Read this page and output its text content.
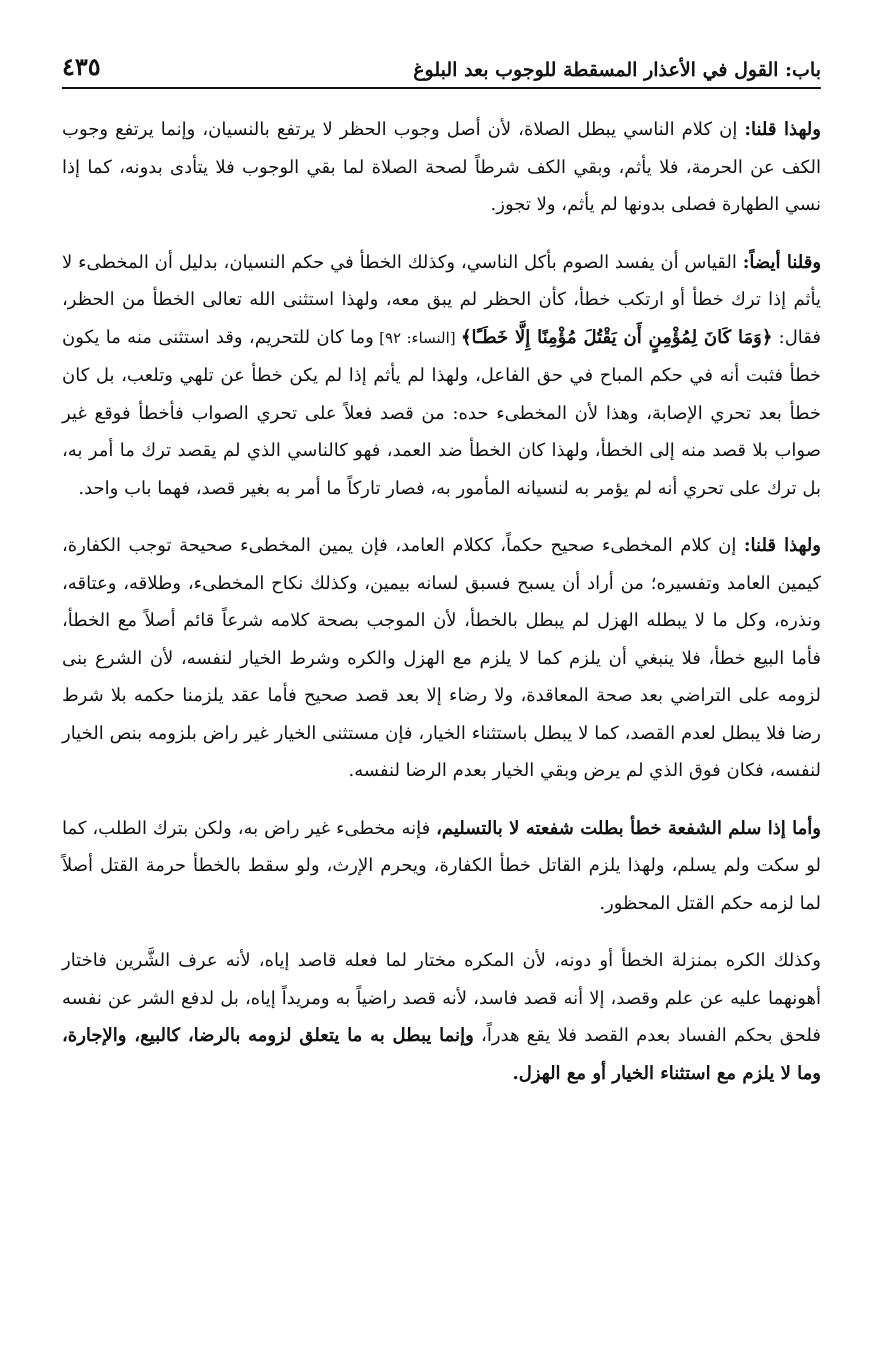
باب: القول في الأعذار المسقطة للوجوب بعد البلوغ
٤٣٥

ولهذا قلنا: إن كلام الناسي يبطل الصلاة، لأن أصل وجوب الحظر لا يرتفع بالنسيان، وإنما يرتفع وجوب الكف عن الحرمة، فلا يأثم، وبقي الكف شرطاً لصحة الصلاة لما بقي الوجوب فلا يتأدى بدونه، كما إذا نسي الطهارة فصلى بدونها لم يأثم، ولا تجوز.

وقلنا أيضاً: القياس أن يفسد الصوم بأكل الناسي، وكذلك الخطأ في حكم النسيان، بدليل أن المخطىء لا يأثم إذا ترك خطأ أو ارتكب خطأ، كأن الحظر لم يبق معه، ولهذا استثنى الله تعالى الخطأ من الحظر، فقال: ﴿وَمَا كَانَ لِمُؤْمِنٍ أَن يَقْتُلَ مُؤْمِنًا إِلَّا خَطَـًٔا﴾ [النساء: ٩٢] وما كان للتحريم، وقد استثنى منه ما يكون خطأ فثبت أنه في حكم المباح في حق الفاعل، ولهذا لم يأثم إذا لم يكن خطأ عن تلهي وتلعب، بل كان خطأ بعد تحري الإصابة، وهذا لأن المخطىء حده: من قصد فعلاً على تحري الصواب فأخطأ فوقع غير صواب بلا قصد منه إلى الخطأ، ولهذا كان الخطأ ضد العمد، فهو كالناسي الذي لم يقصد ترك ما أمر به، بل ترك على تحري أنه لم يؤمر به لنسيانه المأمور به، فصار تاركاً ما أمر به بغير قصد، فهما باب واحد.

ولهذا قلنا: إن كلام المخطىء صحيح حكماً، ككلام العامد، فإن يمين المخطىء صحيحة توجب الكفارة، كيمين العامد وتفسيره؛ من أراد أن يسبح فسبق لسانه بيمين، وكذلك نكاح المخطىء، وطلاقه، وعتاقه، ونذره، وكل ما لا يبطله الهزل لم يبطل بالخطأ، لأن الموجب بصحة كلامه شرعاً قائم أصلاً مع الخطأ، فأما البيع خطأ، فلا ينبغي أن يلزم كما لا يلزم مع الهزل والكره وشرط الخيار لنفسه، لأن الشرع بنى لزومه على التراضي بعد صحة المعاقدة، ولا رضاء إلا بعد قصد صحيح فأما عقد يلزمنا حكمه بلا شرط رضا فلا يبطل لعدم القصد، كما لا يبطل باستثناء الخيار، فإن مستثنى الخيار غير راض بلزومه بنص الخيار لنفسه، فكان فوق الذي لم يرض وبقي الخيار بعدم الرضا لنفسه.

وأما إذا سلم الشفعة خطأ بطلت شفعته لا بالتسليم، فإنه مخطىء غير راض به، ولكن بترك الطلب، كما لو سكت ولم يسلم، ولهذا يلزم القاتل خطأ الكفارة، ويحرم الإرث، ولو سقط بالخطأ حرمة القتل أصلاً لما لزمه حكم القتل المحظور.

وكذلك الكره بمنزلة الخطأ أو دونه، لأن المكره مختار لما فعله قاصد إياه، لأنه عرف الشَّرين فاختار أهونهما عليه عن علم وقصد، إلا أنه قصد فاسد، لأنه قصد راضياً به ومريداً إياه، بل لدفع الشر عن نفسه فلحق بحكم الفساد بعدم القصد فلا يقع هدراً، وإنما يبطل به ما يتعلق لزومه بالرضا، كالبيع، والإجارة، وما لا يلزم مع استثناء الخيار أو مع الهزل.
